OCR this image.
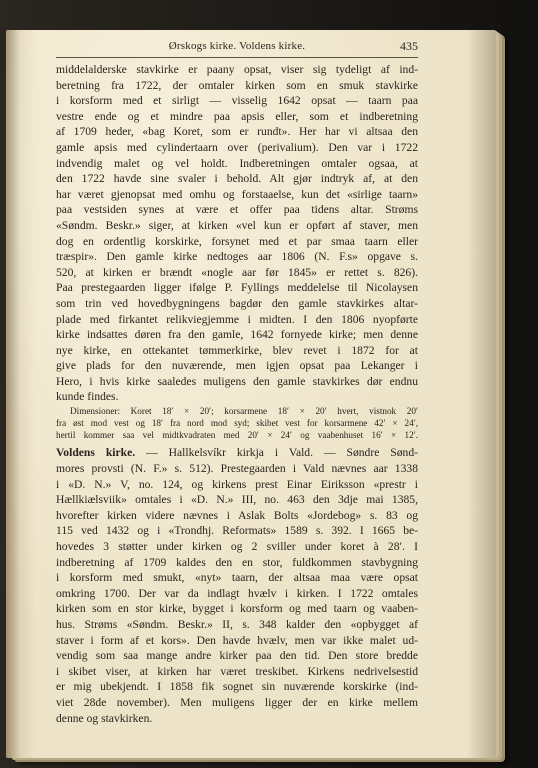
Ørskogs kirke. Voldens kirke.	435
middelalderske stavkirke er paany opsat, viser sig tydeligt af ind-
beretning fra 1722, der omtaler kirken som en smuk stavkirke
i korsform med et sirligt — visselig 1642 opsat — taarn paa
vestre ende og et mindre paa apsis eller, som et indberetning
af 1709 heder, «bag Koret, som er rundt». Her har vi altsaa den
gamle apsis med cylindertaarn over (perivalium). Den var i 1722
indvendig malet og vel holdt. Indberetningen omtaler ogsaa, at
den 1722 havde sine svaler i behold. Alt gjør indtryk af, at den
har været gjenopsat med omhu og forstaaelse, kun det «sirlige taarn»
paa vestsiden synes at være et offer paa tidens altar. Strøms
«Søndm. Beskr.» siger, at kirken «vel kun er opført af staver, men
dog en ordentlig korskirke, forsynet med et par smaa taarn eller
træspir». Den gamle kirke nedtoges aar 1806 (N. F.s» opgave s.
520, at kirken er brændt «nogle aar før 1845» er rettet s. 826).
Paa prestegaarden ligger ifølge P. Fyllings meddelelse til Nicolaysen
som trin ved hovedbygningens bagdør den gamle stavkirkes altar-
plade med firkantet relikviegjemme i midten. I den 1806 nyopførte
kirke indsattes døren fra den gamle, 1642 fornyede kirke; men denne
nye kirke, en ottekantet tømmerkirke, blev revet i 1872 for at
give plads for den nuværende, men igjen opsat paa Lekanger i
Hero, i hvis kirke saaledes muligens den gamle stavkirkes dør endnu
kunde findes.
Dimensioner: Koret 18′ × 20′; korsarmene 18′ × 20′ hvert, vistnok 20′
fra øst mod vest og 18′ fra nord mod syd; skibet vest for korsarmene 42′ × 24′,
hertil kommer saa vel midtkvadraten med 20′ × 24′ og vaabenhuset 16′ × 12′.
Voldens kirke. — Hallkelsvíkr kirkja i Vald. — Søndre Sønd-
mores provsti (N. F.» s. 512). Prestegaarden i Vald nævnes aar 1338
i «D. N.» V, no. 124, og kirkens prest Einar Eiriksson «prestr i
Hællkiælsviik» omtales i «D. N.» III, no. 463 den 3dje mai 1385,
hvorefter kirken videre nævnes i Aslak Bolts «Jordebog» s. 83 og
115 ved 1432 og i «Trondhj. Reformats» 1589 s. 392. I 1665 be-
hovedes 3 støtter under kirken og 2 sviller under koret à 28′. I
indberetning af 1709 kaldes den en stor, fuldkommen stavbygning
i korsform med smukt, «nyt» taarn, der altsaa maa være opsat
omkring 1700. Der var da indlagt hvælv i kirken. I 1722 omtales
kirken som en stor kirke, bygget i korsform og med taarn og vaaben-
hus. Strøms «Søndm. Beskr.» II, s. 348 kalder den «opbygget af
staver i form af et kors». Den havde hvælv, men var ikke malet ud-
vendig som saa mange andre kirker paa den tid. Den store bredde
i skibet viser, at kirken har været treskibet. Kirkens nedrivelsestid
er mig ubekjendt. I 1858 fik sognet sin nuværende korskirke (ind-
viet 28de november). Men muligens ligger der en kirke mellem
denne og stavkirken.
